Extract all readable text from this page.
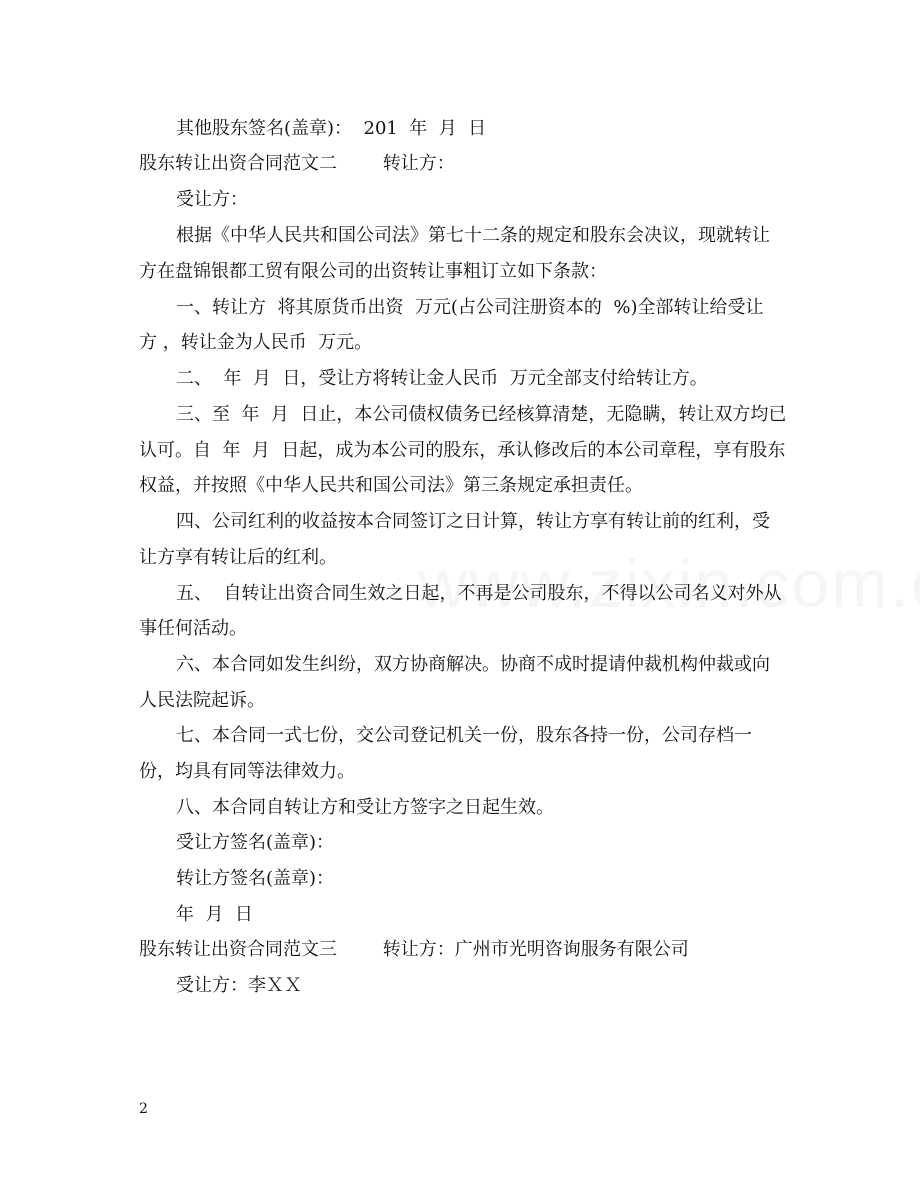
其他股东签名(盖章)：  201  年  月  日
股东转让出资合同范文二        转让方：
受让方：
根据《中华人民共和国公司法》第七十二条的规定和股东会决议，现就转让
方在盘锦银都工贸有限公司的出资转让事粗订立如下条款：
一、转让方  将其原货币出资  万元(占公司注册资本的  %)全部转让给受让
方 ，转让金为人民币  万元。
二、  年  月  日，受让方将转让金人民币  万元全部支付给转让方。
三、至  年  月  日止，本公司债权债务已经核算清楚，无隐瞒，转让双方均已
认可。自  年  月  日起，成为本公司的股东，承认修改后的本公司章程，享有股东
权益，并按照《中华人民共和国公司法》第三条规定承担责任。
四、公司红利的收益按本合同签订之日计算，转让方享有转让前的红利，受
让方享有转让后的红利。
五、  自转让出资合同生效之日起，不再是公司股东，不得以公司名义对外从
事任何活动。
六、本合同如发生纠纷，双方协商解决。协商不成时提请仲裁机构仲裁或向
人民法院起诉。
七、本合同一式七份，交公司登记机关一份，股东各持一份，公司存档一
份，均具有同等法律效力。
八、本合同自转让方和受让方签字之日起生效。
受让方签名(盖章)：
转让方签名(盖章)：
年  月  日
股东转让出资合同范文三        转让方：广州市光明咨询服务有限公司
受让方：李ＸＸ
2
